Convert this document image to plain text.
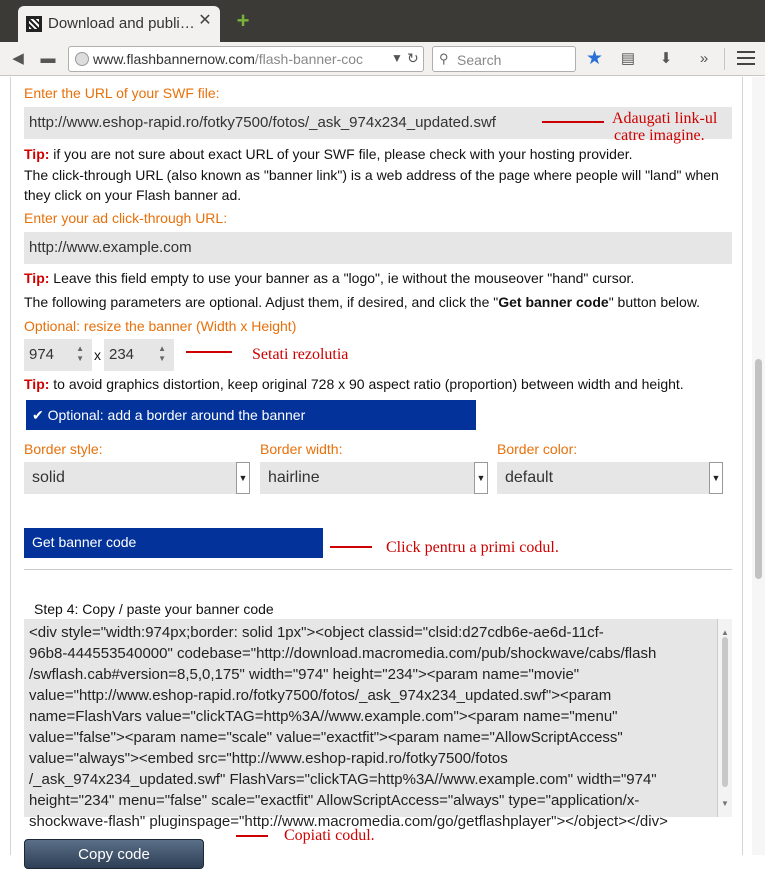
Download and publi… ✕ +
◀	▬	www.flashbannernow.com/flash-banner-coc	▼ ↻ ⚲ Search	★	▤	⬇	»
Enter the URL of your SWF file:
http://www.eshop-rapid.ro/fotky7500/fotos/_ask_974x234_updated.swf	Adaugati link-ul
catre imagine.
Tip: if you are not sure about exact URL of your SWF file, please check with your hosting provider.
The click-through URL (also known as "banner link") is a web address of the page where people will "land" when they click on your Flash banner ad.
Enter your ad click-through URL:
http://www.example.com
Tip: Leave this field empty to use your banner as a "logo", ie without the mouseover "hand" cursor.
The following parameters are optional. Adjust them, if desired, and click the "Get banner code" button below.
Optional: resize the banner (Width x Height)
974	▲
▼ x 234	▲
▼	Setati rezolutia
Tip: to avoid graphics distortion, keep original 728 x 90 aspect ratio (proportion) between width and height.
✔ Optional: add a border around the banner
Border style:
solid	▼
Border width:
hairline	▼
Border color:
default	▼
Get banner code	Click pentru a primi codul.
Step 4: Copy / paste your banner code
<div style="width:974px;border: solid 1px"><object classid="clsid:d27cdb6e-ae6d-11cf-
96b8-444553540000" codebase="http://download.macromedia.com/pub/shockwave/cabs/flash
/swflash.cab#version=8,5,0,175" width="974" height="234"><param name="movie"
value="http://www.eshop-rapid.ro/fotky7500/fotos/_ask_974x234_updated.swf"><param
name=FlashVars value="clickTAG=http%3A//www.example.com"><param name="menu"
value="false"><param name="scale" value="exactfit"><param name="AllowScriptAccess"
value="always"><embed src="http://www.eshop-rapid.ro/fotky7500/fotos
/_ask_974x234_updated.swf" FlashVars="clickTAG=http%3A//www.example.com" width="974"
height="234" menu="false" scale="exactfit" AllowScriptAccess="always" type="application/x-
shockwave-flash" pluginspage="http://www.macromedia.com/go/getflashplayer"></object></div>
▲
▼
Copy code
Copiati codul.
